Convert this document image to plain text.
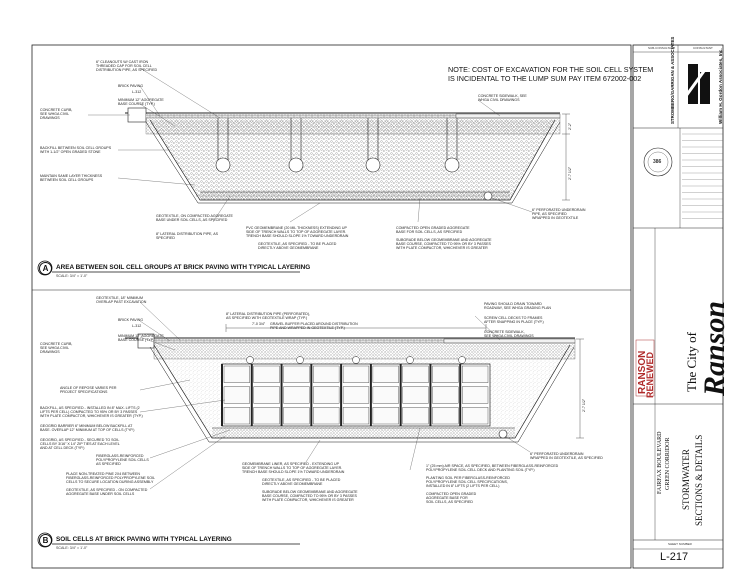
NOTE: COST OF EXCAVATION FOR THE SOIL CELL SYSTEM
IS INCIDENTAL TO THE LUMP SUM PAY ITEM 672002-002
6" CLEANOUTS W/ CAST IRON
THREADED CAP FOR SOIL CELL
DISTRIBUTION PIPE, AS SPECIFIED
BRICK PAVING
L-312
MINIMUM 12" AGGREGATE
BASE COURSE (TYP.)
CONCRETE CURB,
SEE WHGA CIVIL
DRAWINGS
BACKFILL BETWEEN SOIL CELL GROUPS
WITH 1-1/2" OPEN GRADED STONE
MAINTAIN SAME LAYER THICKNESS
BETWEEN SOIL CELL GROUPS
GEOTEXTILE, ON COMPACTED AGGREGATE
BASE UNDER SOIL CELLS, AS SPECIFIED
8" LATERAL DISTRIBUTION PIPE, AS
SPECIFIED
PVC GEOMEMBRANE (20 MIL THICKNESS) EXTENDING UP
SIDE OF TRENCH WALLS TO TOP OF AGGREGATE LAYER.
TRENCH BASE SHOULD SLOPE 1% TOWARD UNDERDRAIN
GEOTEXTILE, AS SPECIFIED - TO BE PLACED
DIRECTLY ABOVE GEOMEMBRANE
COMPACTED OPEN GRADED AGGREGATE
BASE FOR SOIL CELLS, AS SPECIFIED
SUBGRADE BELOW GEOMEMBRANE AND AGGREGATE
BASE COURSE, COMPACTED TO 95% OR BY 3 PASSES
WITH PLATE COMPACTOR, WHICHEVER IS GREATER
CONCRETE SIDEWALK, SEE
WHGA CIVIL DRAWINGS
6" PERFORATED UNDERDRAIN
PIPE, AS SPECIFIED
WRAPPED IN GEOTEXTILE
2'-7 1/2"
2'-2"
A	AREA BETWEEN SOIL CELL GROUPS AT BRICK PAVING WITH TYPICAL LAYERING
SCALE: 3/4" = 1'-0"
GEOTEXTILE, 18" MINIMUM
OVERLAP PAST EXCAVATION
BRICK PAVING
L-312
MINIMUM 12" AGGREGATE
BASE COURSE (TYP.)
CONCRETE CURB,
SEE WHGA CIVIL
DRAWINGS
8" LATERAL DISTRIBUTION PIPE (PERFORATED),
AS SPECIFIED WITH GEOTEXTILE WRAP (TYP.)
GRAVEL BUFFER PLACED AROUND DISTRIBUTION
PIPE AND WRAPPED IN GEOTEXTILE (TYP.)
PAVING SHOULD DRAIN TOWARD
ROADWAY, SEE WHGA GRADING PLAN
SCREW CELL DECKS TO FRAMES
AFTER SNAPPING IN PLACE (TYP.)
CONCRETE SIDEWALK,
SEE WHGA CIVIL DRAWINGS
ANGLE OF REPOSE VARIES PER
PROJECT SPECIFICATIONS
BACKFILL, AS SPECIFIED - INSTALLED IN 8" MAX. LIFTS (2
LIFTS PER CELL) COMPACTED TO 95% OR BY 3 PASSES
WITH PLATE COMPACTOR, WHICHEVER IS GREATER (TYP.)
GEOGRID BARRIER 6" MINIMUM BELOW BACKFILL AT
BASE. OVERLAP 12" MINIMUM AT TOP OF CELLS (TYP.)
GEOGRID, AS SPECIFIED - SECURED TO SOIL
CELLS BY 3/16" X 14" ZIP TIES AT EACH LEVEL
AND AT CELL DECK (TYP.)
FIBERGLASS-REINFORCED
POLYPROPYLENE SOIL CELLS
AS SPECIFIED
PLACE NON-TREATED PINE 2X4 BETWEEN
FIBERGLASS-REINFORCED POLYPROPYLENE SOIL
CELLS TO SECURE LOCATION DURING ASSEMBLY
GEOTEXTILE, AS SPECIFIED - ON COMPACTED
AGGREGATE BASE UNDER SOIL CELLS
GEOMEMBRANE LINER, AS SPECIFIED - EXTENDING UP
SIDE OF TRENCH WALLS TO TOP OF AGGREGATE LAYER.
TRENCH BASE SHOULD SLOPE 1% TOWARD UNDERDRAIN
GEOTEXTILE, AS SPECIFIED - TO BE PLACED
DIRECTLY ABOVE GEOMEMBRANE
SUBGRADE BELOW GEOMEMBRANE AND AGGREGATE
BASE COURSE, COMPACTED TO 95% OR BY 3 PASSES
WITH PLATE COMPACTOR, WHICHEVER IS GREATER
6" PERFORATED UNDERDRAIN
WRAPPED IN GEOTEXTILE, AS SPECIFIED
1" (25 mm) AIR SPACE, AS SPECIFIED, BETWEEN FIBERGLASS-REINFORCED
POLYPROPYLENE SOIL CELL DECK AND PLANTING SOIL (TYP.)
PLANTING SOIL PER FIBERGLASS-REINFORCED
POLYPROPYLENE SOIL CELL SPECIFICATIONS,
INSTALLED IN 8" LIFTS (2 LIFTS PER CELL)
COMPACTED OPEN GRADED
AGGREGATE BASE FOR
SOIL CELLS, AS SPECIFIED
7'-0 3/4"
2'-7 1/2"
B	SOIL CELLS AT BRICK PAVING WITH TYPICAL LAYERING
SCALE: 3/4" = 1'-0"
SUB-CONSULTANT	CONSULTANT
STROMBERG/GARRIGAN & ASSOCIATES	William H. Gordon Associates, Inc.
386
The City of Ranson
RANSON
RENEWED
FAIRFAX BOULEVARD GREEN CORRIDOR STORMWATER SECTIONS & DETAILS
SHEET NUMBER
L-217
